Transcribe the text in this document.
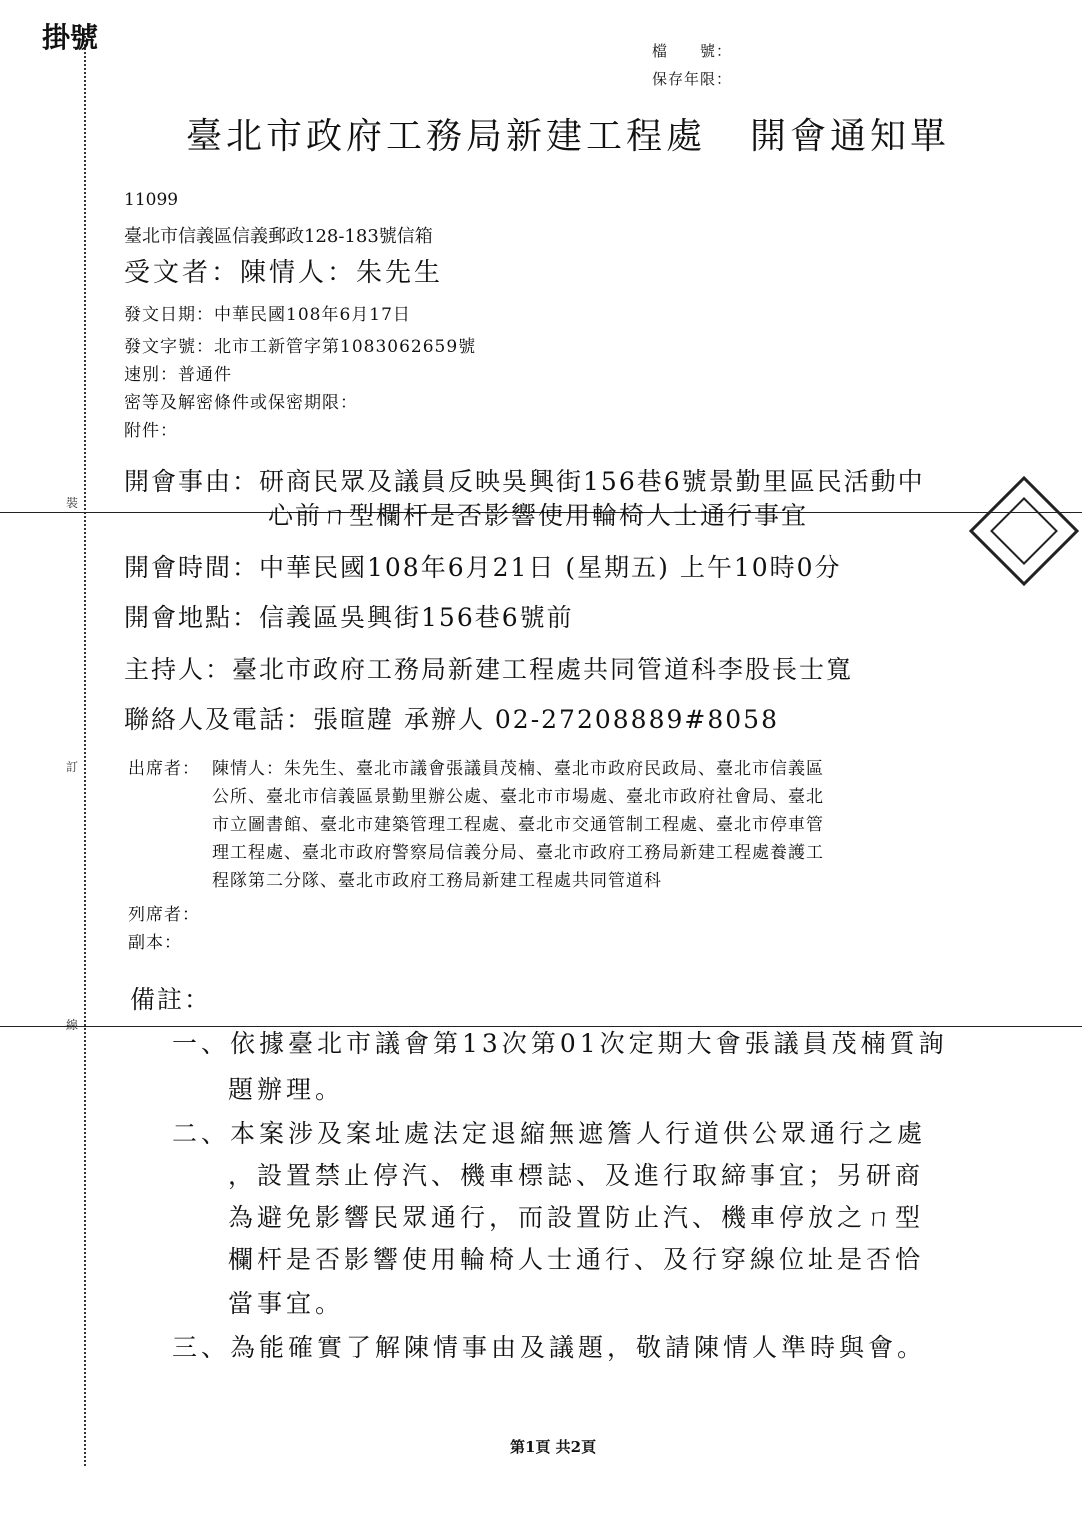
裝
訂
線
掛號	檔　　號：
保存年限：
臺北市政府工務局新建工程處 開會通知單
11099
臺北市信義區信義郵政128-183號信箱
受文者：陳情人：朱先生
發文日期：中華民國108年6月17日
發文字號：北市工新管字第1083062659號
速別：普通件
密等及解密條件或保密期限：
附件：
開會事由：研商民眾及議員反映吳興街156巷6號景勤里區民活動中
心前ㄇ型欄杆是否影響使用輪椅人士通行事宜
開會時間：中華民國108年6月21日 (星期五) 上午10時0分
開會地點：信義區吳興街156巷6號前
主持人：臺北市政府工務局新建工程處共同管道科李股長士寬
聯絡人及電話：張暄韙 承辦人 02-27208889#8058
出席者： 陳情人：朱先生、臺北市議會張議員茂楠、臺北市政府民政局、臺北市信義區
公所、臺北市信義區景勤里辦公處、臺北市市場處、臺北市政府社會局、臺北
市立圖書館、臺北市建築管理工程處、臺北市交通管制工程處、臺北市停車管
理工程處、臺北市政府警察局信義分局、臺北市政府工務局新建工程處養護工
程隊第二分隊、臺北市政府工務局新建工程處共同管道科
列席者：
副本：
備註：
一、依據臺北市議會第13次第01次定期大會張議員茂楠質詢
題辦理。
二、本案涉及案址處法定退縮無遮簷人行道供公眾通行之處
，設置禁止停汽、機車標誌、及進行取締事宜；另研商
為避免影響民眾通行，而設置防止汽、機車停放之ㄇ型
欄杆是否影響使用輪椅人士通行、及行穿線位址是否恰
當事宜。
三、為能確實了解陳情事由及議題，敬請陳情人準時與會。
第1頁 共2頁
